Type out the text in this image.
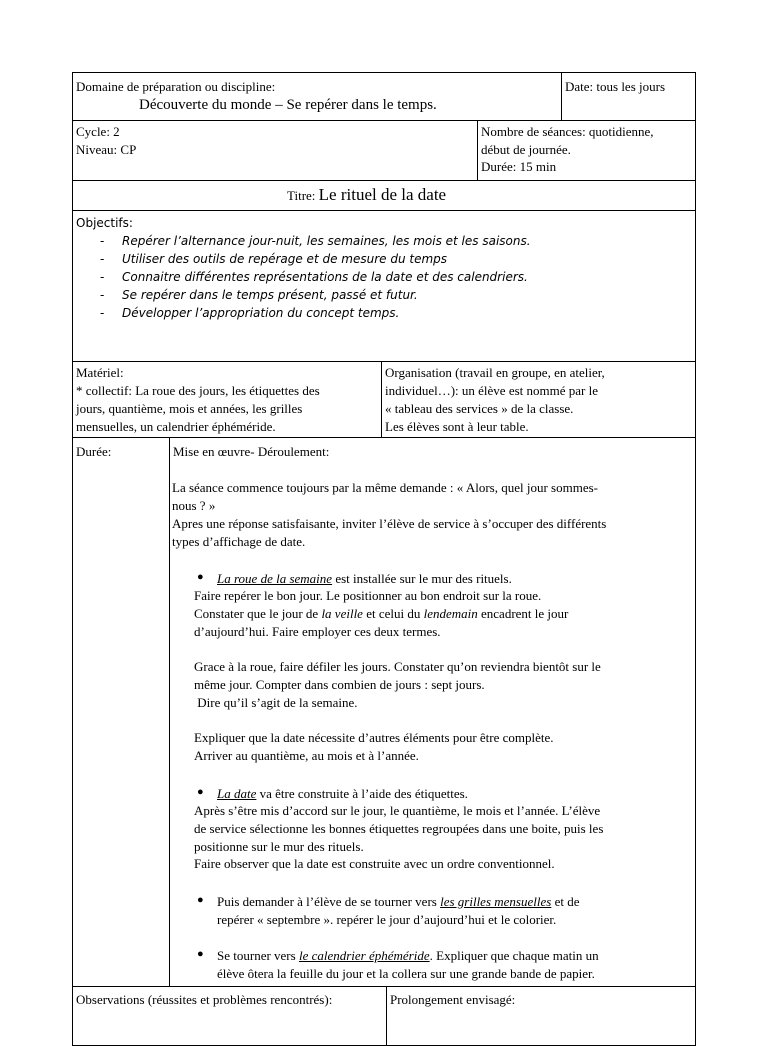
Domaine de préparation ou discipline:
Découverte du monde – Se repérer dans le temps.
Date: tous les jours
Cycle: 2
Niveau: CP
Nombre de séances: quotidienne,
début de journée.
Durée: 15 min
Titre: Le rituel de la date
Objectifs:
- Repérer l’alternance jour-nuit, les semaines, les mois et les saisons.
- Utiliser des outils de repérage et de mesure du temps
- Connaitre différentes représentations de la date et des calendriers.
- Se repérer dans le temps présent, passé et futur.
- Développer l’appropriation du concept temps.
Matériel:
* collectif: La roue des jours, les étiquettes des
jours, quantième, mois et années, les grilles
mensuelles, un calendrier éphéméride.
Organisation (travail en groupe, en atelier,
individuel…): un élève est nommé par le
« tableau des services » de la classe.
Les élèves sont à leur table.
Durée:	Mise en œuvre- Déroulement:
La séance commence toujours par la même demande : « Alors, quel jour sommes-
nous ? »
Apres une réponse satisfaisante, inviter l’élève de service à s’occuper des différents
types d’affichage de date.
● La roue de la semaine est installée sur le mur des rituels.
Faire repérer le bon jour. Le positionner au bon endroit sur la roue.
Constater que le jour de la veille et celui du lendemain encadrent le jour
d’aujourd’hui. Faire employer ces deux termes.
Grace à la roue, faire défiler les jours. Constater qu’on reviendra bientôt sur le
même jour. Compter dans combien de jours : sept jours.
Dire qu’il s’agit de la semaine.
Expliquer que la date nécessite d’autres éléments pour être complète.
Arriver au quantième, au mois et à l’année.
● La date va être construite à l’aide des étiquettes.
Après s’être mis d’accord sur le jour, le quantième, le mois et l’année. L’élève
de service sélectionne les bonnes étiquettes regroupées dans une boite, puis les
positionne sur le mur des rituels.
Faire observer que la date est construite avec un ordre conventionnel.
● Puis demander à l’élève de se tourner vers les grilles mensuelles et de
repérer « septembre ». repérer le jour d’aujourd’hui et le colorier.
● Se tourner vers le calendrier éphéméride. Expliquer que chaque matin un
élève ôtera la feuille du jour et la collera sur une grande bande de papier.
Observations (réussites et problèmes rencontrés):	Prolongement envisagé:
